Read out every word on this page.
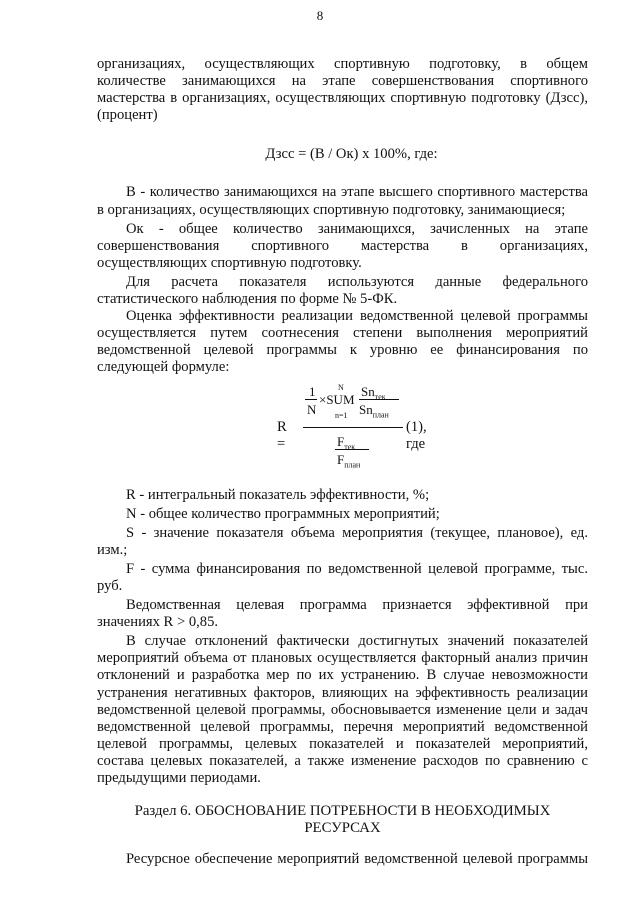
8

организациях, осуществляющих спортивную подготовку, в общем

количестве занимающихся на этапе совершенствования спортивного

мастерства в организациях, осуществляющих спортивную подготовку (Дзсс),

(процент)

Дзсс = (В / Ок) х 100%, где:

В - количество занимающихся на этапе высшего спортивного мастерства

в организациях, осуществляющих спортивную подготовку, занимающиеся;

Ок - общее количество занимающихся, зачисленных на этапе

совершенствования спортивного мастерства в организациях,

осуществляющих спортивную подготовку.

Для расчета показателя используются данные федерального

статистического наблюдения по форме № 5-ФК.

Оценка эффективности реализации ведомственной целевой программы

осуществляется путем соотнесения степени выполнения мероприятий

ведомственной целевой программы к уровню ее финансирования по

следующей формуле:

R =
1
N
N
×SUM
n=1
$Sn_{тек}$
$Sn_{план}$
(1), где
$F_{тек}$
$F_{план}$

R - интегральный показатель эффективности, %;

N - общее количество программных мероприятий;

S - значение показателя объема мероприятия (текущее, плановое), ед.

изм.;

F - сумма финансирования по ведомственной целевой программе, тыс.

руб.

Ведомственная целевая программа признается эффективной при

значениях R > 0,85.

В случае отклонений фактически достигнутых значений показателей

мероприятий объема от плановых осуществляется факторный анализ причин

отклонений и разработка мер по их устранению. В случае невозможности

устранения негативных факторов, влияющих на эффективность реализации

ведомственной целевой программы, обосновывается изменение цели и задач

ведомственной целевой программы, перечня мероприятий ведомственной

целевой программы, целевых показателей и показателей мероприятий,

состава целевых показателей, а также изменение расходов по сравнению с

предыдущими периодами.

Раздел 6. ОБОСНОВАНИЕ ПОТРЕБНОСТИ В НЕОБХОДИМЫХ

РЕСУРСАХ

Ресурсное обеспечение мероприятий ведомственной целевой программы
